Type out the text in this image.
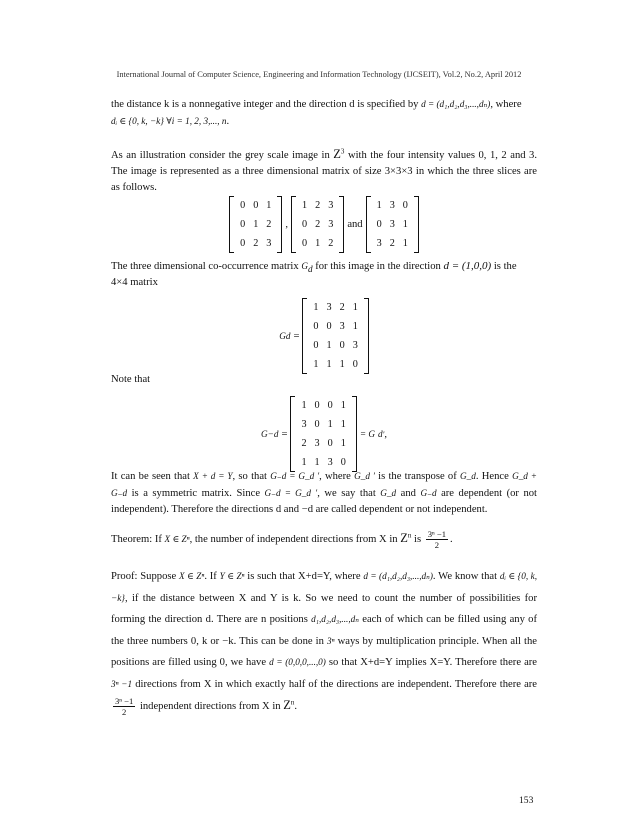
International Journal of Computer Science, Engineering and Information Technology (IJCSEIT), Vol.2, No.2, April 2012

the distance k is a nonnegative integer and the direction d is specified by d = (d₁,d₂,d₃,...,dₙ), where
dᵢ ∈ {0, k, −k} ∀i = 1, 2, 3,..., n.

As an illustration consider the grey scale image in $Z^3$ with the four intensity values 0, 1, 2 and 3. The image is represented as a three dimensional matrix of size 3×3×3 in which the three slices are as follows.

0	0	1
0	1	2
0	2	3
,
1	2	3
0	2	3
0	1	2
and
1	3	0
0	3	1
3	2	1

The three dimensional co-occurrence matrix $G_d$ for this image in the direction d = (1,0,0) is the
4×4 matrix

G d =
1	3	2	1
0	0	3	1
0	1	0	3
1	1	1	0

Note that

G −d =
1	0	0	1
3	0	1	1
2	3	0	1
1	1	3	0
= G d ′ ,

It can be seen that X + d = Y, so that G₋d = G_d ′, where G_d ′ is the transpose of G_d. Hence G_d + G₋d is a symmetric matrix. Since G₋d = G_d ′, we say that G_d and G₋d are dependent (or not independent). Therefore the directions d and −d are called dependent or not independent.

Theorem: If X ∈ Zⁿ, the number of independent directions from X in $Z^n$ is $\frac{\text{3ⁿ −1}}{2}$ .

Proof: Suppose X ∈ Zⁿ. If Y ∈ Zⁿ is such that X+d=Y, where d = (d₁,d₂,d₃,...,dₙ). We know that dᵢ ∈ {0, k, −k}, if the distance between X and Y is k. So we need to count the number of possibilities for forming the direction d. There are n positions d₁,d₂,d₃,...,dₙ each of which can be filled using any of the three numbers 0, k or −k. This can be done in 3ⁿ ways by multiplication principle. When all the positions are filled using 0, we have d = (0,0,0,...,0) so that X+d=Y implies X=Y. Therefore there are 3ⁿ −1 directions from X in which exactly half of the directions are independent. Therefore there are
$\frac{\text{3ⁿ −1}}{2}$ independent directions from X in $Z^n$.

153
